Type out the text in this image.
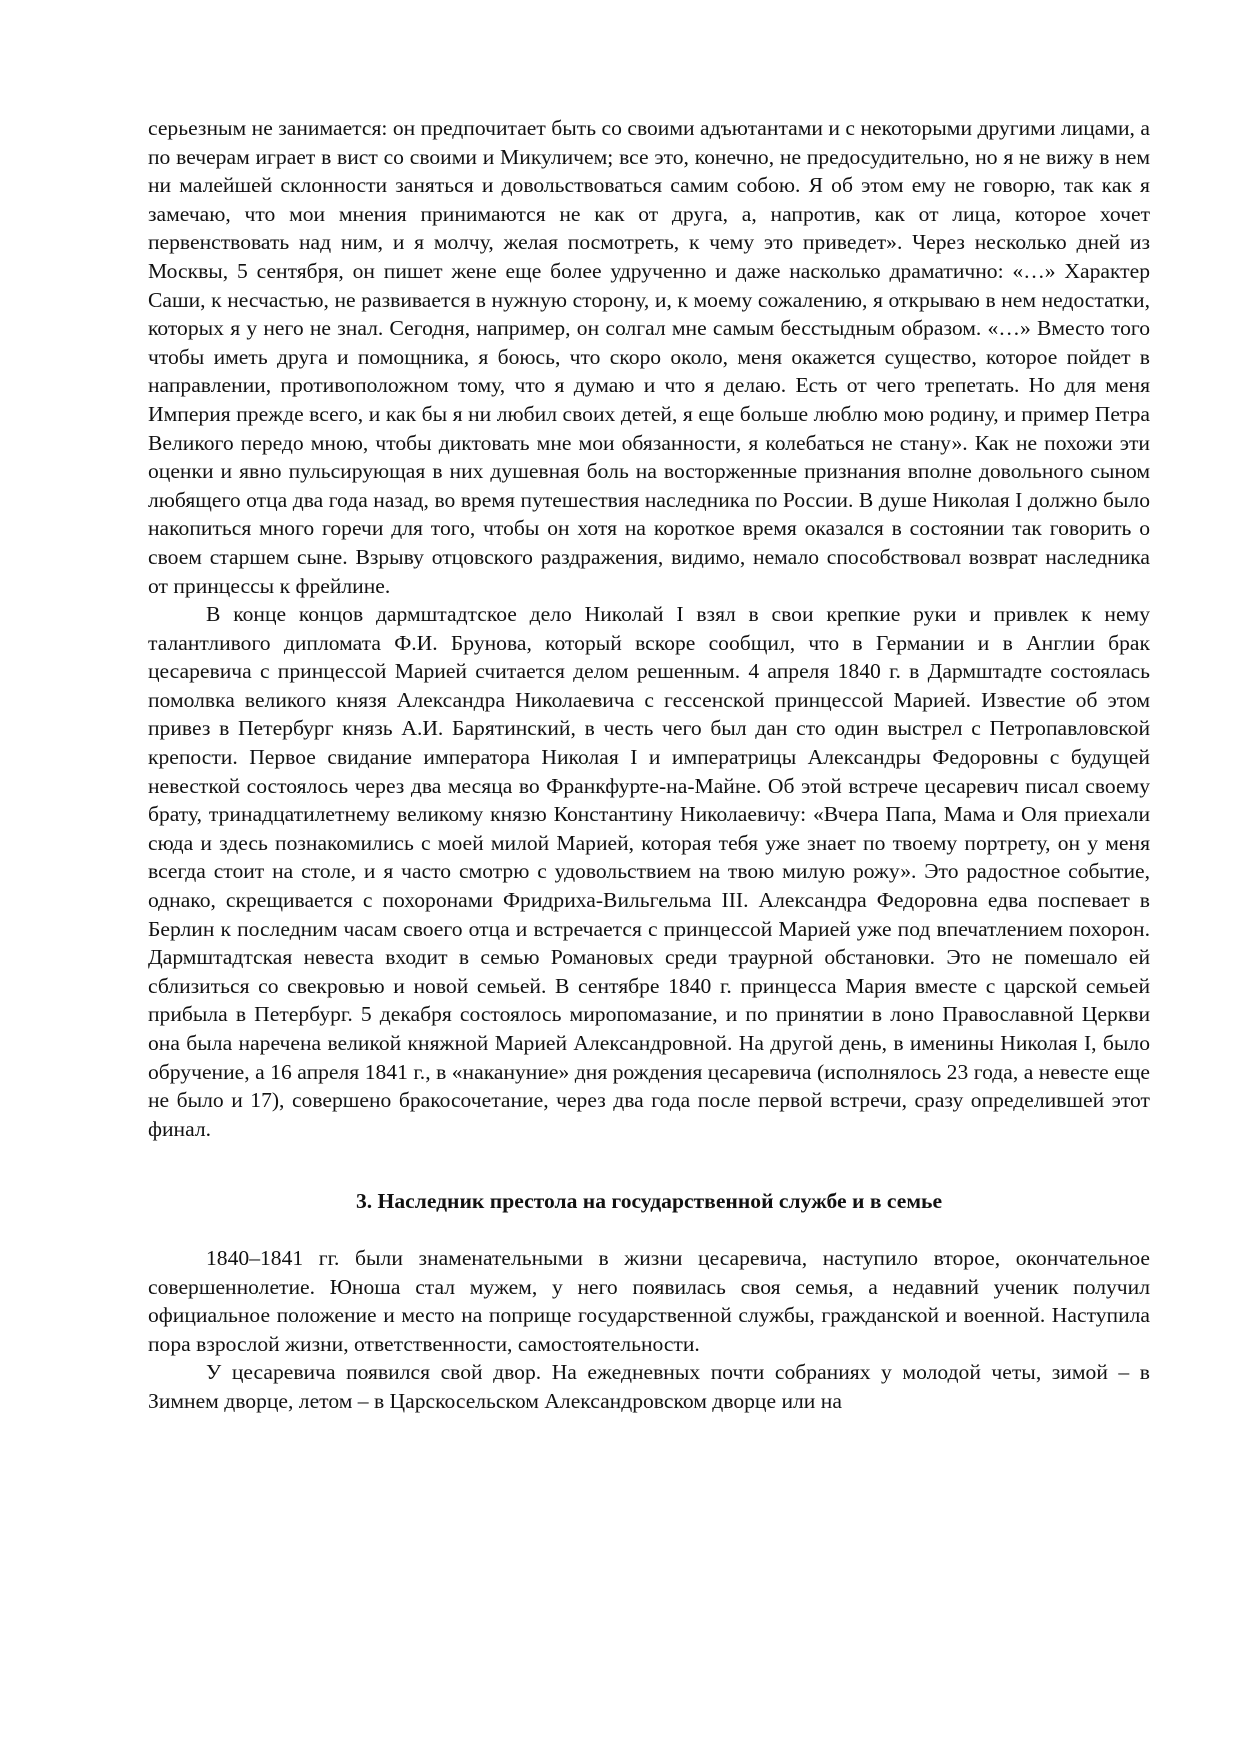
серьезным не занимается: он предпочитает быть со своими адъютантами и с некоторыми другими лицами, а по вечерам играет в вист со своими и Микуличем; все это, конечно, не предосудительно, но я не вижу в нем ни малейшей склонности заняться и довольствоваться самим собою. Я об этом ему не говорю, так как я замечаю, что мои мнения принимаются не как от друга, а, напротив, как от лица, которое хочет первенствовать над ним, и я молчу, желая посмотреть, к чему это приведет». Через несколько дней из Москвы, 5 сентября, он пишет жене еще более удрученно и даже насколько драматично: «…» Характер Саши, к несчастью, не развивается в нужную сторону, и, к моему сожалению, я открываю в нем недостатки, которых я у него не знал. Сегодня, например, он солгал мне самым бесстыдным образом. «…» Вместо того чтобы иметь друга и помощника, я боюсь, что скоро около, меня окажется существо, которое пойдет в направлении, противоположном тому, что я думаю и что я делаю. Есть от чего трепетать. Но для меня Империя прежде всего, и как бы я ни любил своих детей, я еще больше люблю мою родину, и пример Петра Великого передо мною, чтобы диктовать мне мои обязанности, я колебаться не стану». Как не похожи эти оценки и явно пульсирующая в них душевная боль на восторженные признания вполне довольного сыном любящего отца два года назад, во время путешествия наследника по России. В душе Николая I должно было накопиться много горечи для того, чтобы он хотя на короткое время оказался в состоянии так говорить о своем старшем сыне. Взрыву отцовского раздражения, видимо, немало способствовал возврат наследника от принцессы к фрейлине.

В конце концов дармштадтское дело Николай I взял в свои крепкие руки и привлек к нему талантливого дипломата Ф.И. Брунова, который вскоре сообщил, что в Германии и в Англии брак цесаревича с принцессой Марией считается делом решенным. 4 апреля 1840 г. в Дармштадте состоялась помолвка великого князя Александра Николаевича с гессенской принцессой Марией. Известие об этом привез в Петербург князь А.И. Барятинский, в честь чего был дан сто один выстрел с Петропавловской крепости. Первое свидание императора Николая I и императрицы Александры Федоровны с будущей невесткой состоялось через два месяца во Франкфурте-на-Майне. Об этой встрече цесаревич писал своему брату, тринадцатилетнему великому князю Константину Николаевичу: «Вчера Папа, Мама и Оля приехали сюда и здесь познакомились с моей милой Марией, которая тебя уже знает по твоему портрету, он у меня всегда стоит на столе, и я часто смотрю с удовольствием на твою милую рожу». Это радостное событие, однако, скрещивается с похоронами Фридриха-Вильгельма III. Александра Федоровна едва поспевает в Берлин к последним часам своего отца и встречается с принцессой Марией уже под впечатлением похорон. Дармштадтская невеста входит в семью Романовых среди траурной обстановки. Это не помешало ей сблизиться со свекровью и новой семьей. В сентябре 1840 г. принцесса Мария вместе с царской семьей прибыла в Петербург. 5 декабря состоялось миропомазание, и по принятии в лоно Православной Церкви она была наречена великой княжной Марией Александровной. На другой день, в именины Николая I, было обручение, а 16 апреля 1841 г., в «накануние» дня рождения цесаревича (исполнялось 23 года, а невесте еще не было и 17), совершено бракосочетание, через два года после первой встречи, сразу определившей этот финал.

3. Наследник престола на государственной службе и в семье

1840–1841 гг. были знаменательными в жизни цесаревича, наступило второе, окончательное совершеннолетие. Юноша стал мужем, у него появилась своя семья, а недавний ученик получил официальное положение и место на поприще государственной службы, гражданской и военной. Наступила пора взрослой жизни, ответственности, самостоятельности.

У цесаревича появился свой двор. На ежедневных почти собраниях у молодой четы, зимой – в Зимнем дворце, летом – в Царскосельском Александровском дворце или на
